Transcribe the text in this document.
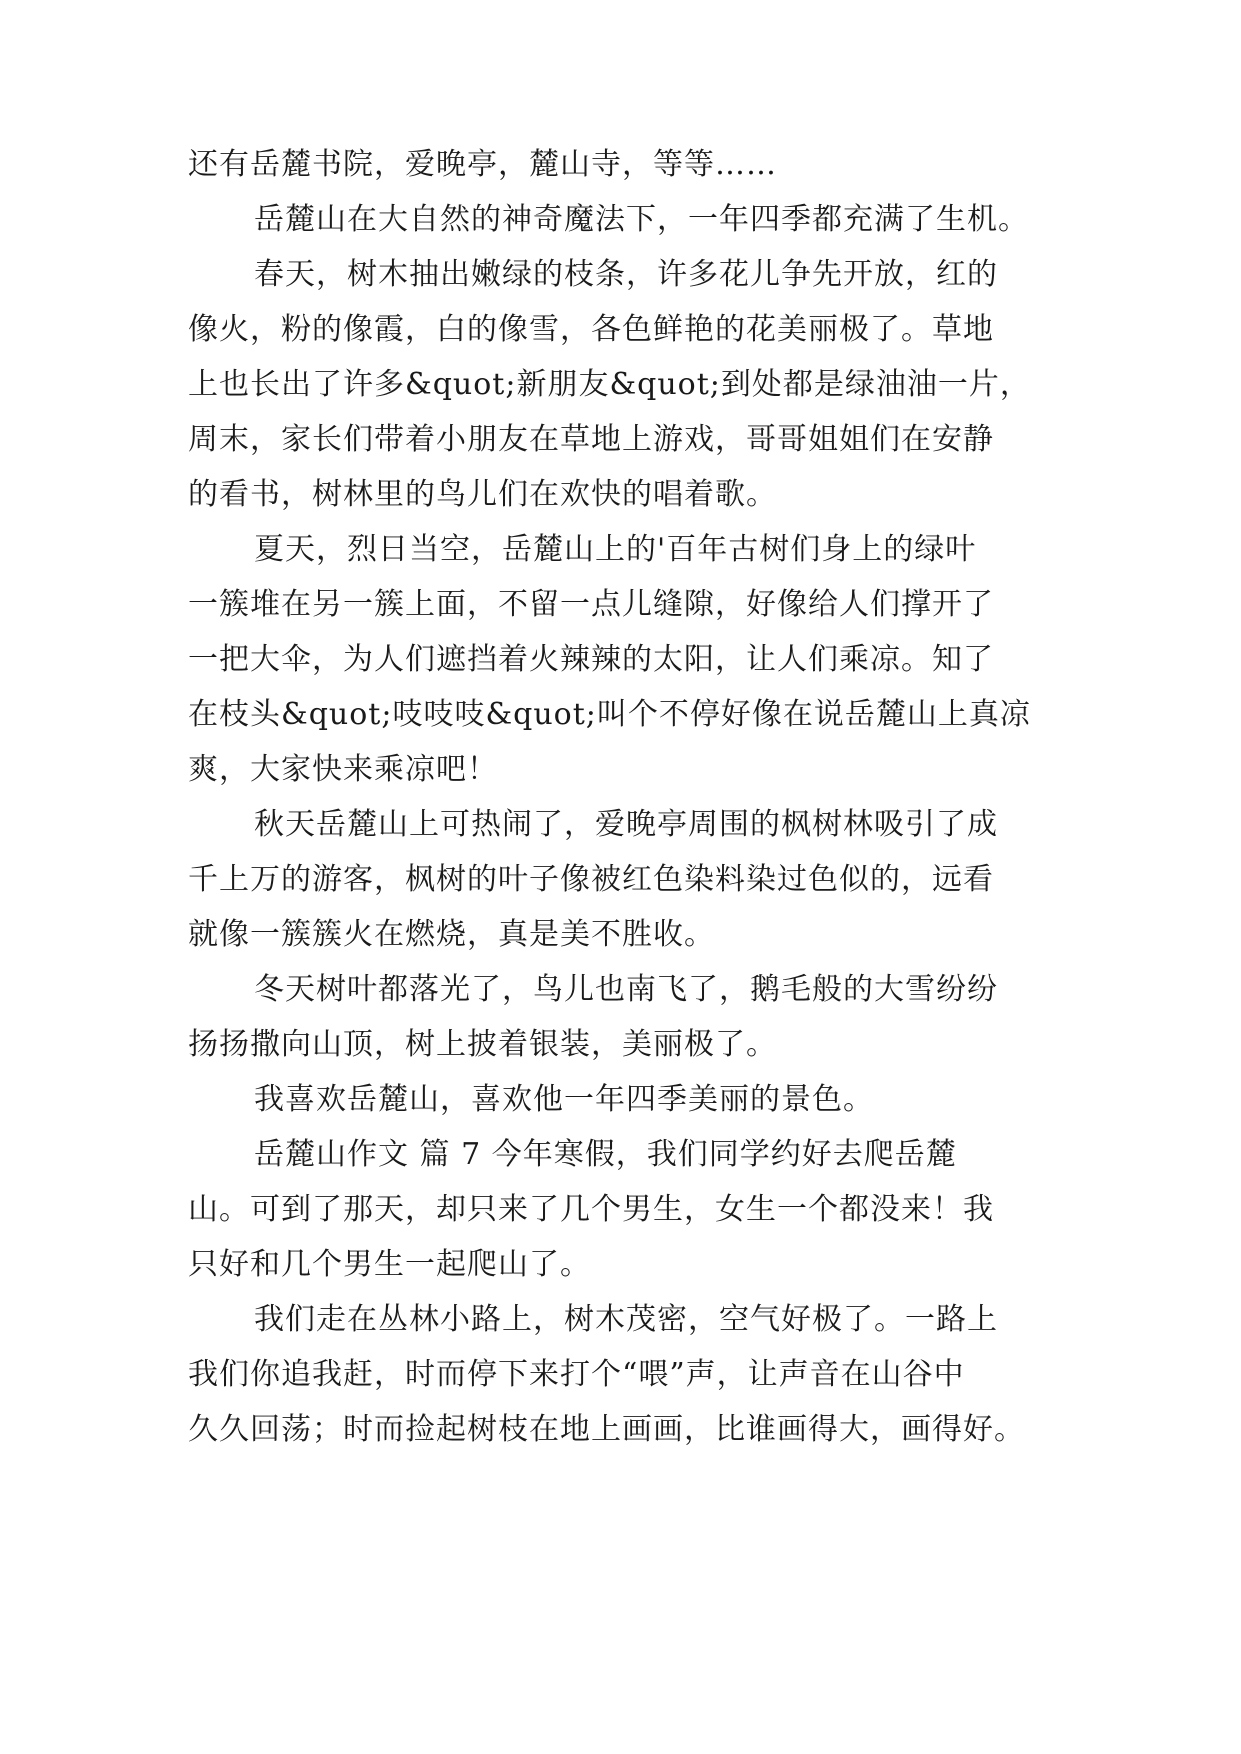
还有岳麓书院，爱晚亭，麓山寺，等等……
岳麓山在大自然的神奇魔法下，一年四季都充满了生机。
春天，树木抽出嫩绿的枝条，许多花儿争先开放，红的
像火，粉的像霞，白的像雪，各色鲜艳的花美丽极了。草地
上也长出了许多&quot;新朋友&quot;到处都是绿油油一片，
周末，家长们带着小朋友在草地上游戏，哥哥姐姐们在安静
的看书，树林里的鸟儿们在欢快的唱着歌。
夏天，烈日当空，岳麓山上的'百年古树们身上的绿叶
一簇堆在另一簇上面，不留一点儿缝隙，好像给人们撑开了
一把大伞，为人们遮挡着火辣辣的太阳，让人们乘凉。知了
在枝头&quot;吱吱吱&quot;叫个不停好像在说岳麓山上真凉
爽，大家快来乘凉吧！
秋天岳麓山上可热闹了，爱晚亭周围的枫树林吸引了成
千上万的游客，枫树的叶子像被红色染料染过色似的，远看
就像一簇簇火在燃烧，真是美不胜收。
冬天树叶都落光了，鸟儿也南飞了，鹅毛般的大雪纷纷
扬扬撒向山顶，树上披着银装，美丽极了。
我喜欢岳麓山，喜欢他一年四季美丽的景色。
岳麓山作文 篇 7 今年寒假，我们同学约好去爬岳麓
山。可到了那天，却只来了几个男生，女生一个都没来！我
只好和几个男生一起爬山了。
我们走在丛林小路上，树木茂密，空气好极了。一路上
我们你追我赶，时而停下来打个“喂”声，让声音在山谷中
久久回荡；时而捡起树枝在地上画画，比谁画得大，画得好。
